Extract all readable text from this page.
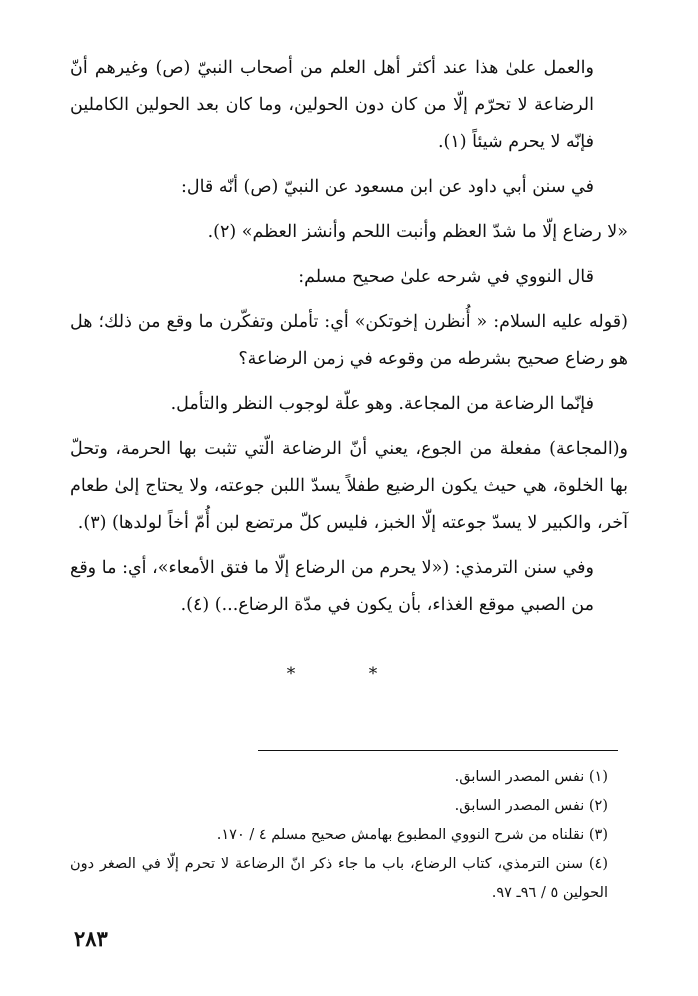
والعمل علىٰ هذا عند أكثر أهل العلم من أصحاب النبيّ (ص) وغيرهم أنّ الرضاعة لا تحرّم إلّا من كان دون الحولين، وما كان بعد الحولين الكاملين فإنّه لا يحرم شيئاً (١).

في سنن أبي داود عن ابن مسعود عن النبيّ (ص) أنّه قال:

«لا رضاع إلّا ما شدّ العظم وأنبت اللحم وأنشز العظم» (٢).

قال النووي في شرحه علىٰ صحيح مسلم:

(قوله عليه السلام: « أُنظرن إخوتكن» أي: تأملن وتفكّرن ما وقع من ذلك؛ هل هو رضاع صحيح بشرطه من وقوعه في زمن الرضاعة؟

فإنّما الرضاعة من المجاعة. وهو علّة لوجوب النظر والتأمل.

و(المجاعة) مفعلة من الجوع، يعني أنّ الرضاعة الّتي تثبت بها الحرمة، وتحلّ بها الخلوة، هي حيث يكون الرضيع طفلاً يسدّ اللبن جوعته، ولا يحتاج إلىٰ طعام آخر، والكبير لا يسدّ جوعته إلّا الخبز، فليس كلّ مرتضع لبن أُمّ أخاً لولدها) (٣).

وفي سنن الترمذي: («لا يحرم من الرضاع إلّا ما فتق الأمعاء»، أي: ما وقع من الصبي موقع الغذاء، بأن يكون في مدّة الرضاع...) (٤).

* *

(١) نفس المصدر السابق.

(٢) نفس المصدر السابق.

(٣) نقلناه من شرح النووي المطبوع بهامش صحيح مسلم ٤ / ١٧٠.

(٤) سنن الترمذي، كتاب الرضاع، باب ما جاء ذكر انّ الرضاعة لا تحرم إلّا في الصغر دون الحولين ٥ / ٩٦ـ ٩٧.

٢٨٣
